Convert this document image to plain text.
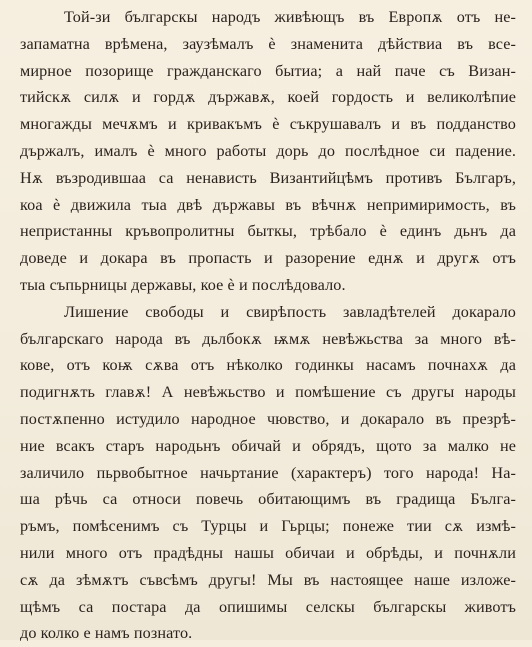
Той-зи българскы народъ живѣющъ въ Европѫ отъ не-
запаматна врѣмена, заузѣмалъ ѐ знаменита дѣйствиа въ все-
мирное позорище гражданскаго бытиа; а най паче съ Визан-
тийскѫ силѫ и гордѫ държавѫ, коей гордость и великолѣпие
многажды мечѫмъ и кривакъмъ ѐ съкрушавалъ и въ подданство
държалъ, ималъ ѐ много работы дорь до послѣдное си падение.
Нѫ възродившаа са ненависть Византийцѣмъ противъ Българъ,
коа ѐ движила тыа двѣ държавы въ вѣчнѫ непримиримость, въ
непристанны кръвопролитны быткы, трѣбало ѐ единъ дьнъ да
доведе и докара въ пропасть и разорение еднѫ и другѫ отъ
тыа съпьрницы державы, кое ѐ и послѣдовало.
Лишение свободы и свирѣпость завладѣтелей докарало
българскаго народа въ дьлбокѫ ѭмѫ невѣжьства за много вѣ-
кове, отъ коѭ сѫва отъ нѣколко годинкы насамъ почнахѫ да
подигнѫть главѫ! А невѣжьство и помѣшение съ другы народы
постѫпенно истудило народное чювство, и докарало въ презрѣ-
ние всакъ старъ народьнъ обичай и обрядъ, щото за малко не
заличило пьрвобытное начьртание (характеръ) того народа! На-
ша рѣчь са относи повечь обитающимъ въ градища Бълга-
ръмъ, помѣсенимъ съ Турцы и Гьрцы; понеже тии сѫ измѣ-
нили много отъ прадѣдны нашы обичаи и обрѣды, и почнѫли
сѫ да зѣмѫтъ съвсѣмъ другы! Мы въ настоящее наше изложе-
щѣмъ са постара да опишимы селскы българскы животъ
до колко е намъ познато.
